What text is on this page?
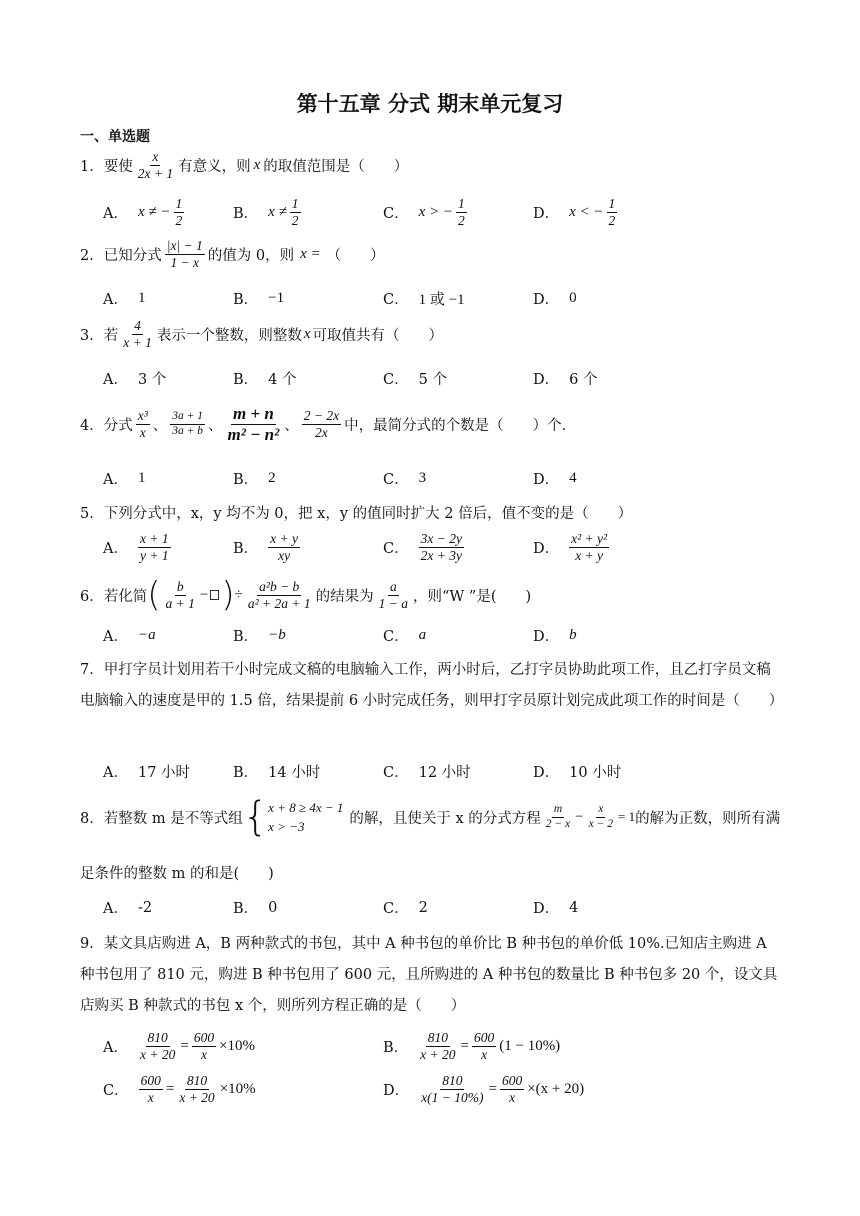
第十五章 分式 期末单元复习
一、单选题
1．要使 $\frac{x}{2x + 1}$ 有意义，则 x 的取值范围是（　　）
A． x ≠ − $\frac{1}{2}$	B． $x \ne \frac{1}{2}$	C． x > − $\frac{1}{2}$	D． x < − $\frac{1}{2}$
2．已知分式 $\frac{|x| - 1}{1 - x}$ 的值为 0，则 x = （　　）
A． 1	B． −1	C． 1 或 −1	D． 0
3．若 $\frac{4}{x + 1}$ 表示一个整数，则整数 x 可取值共有（　　）
A． 3 个	B． 4 个	C． 5 个	D． 6 个
4．分式 $\frac{\text{x³}}{x}$ 、 $\frac{3a + 1}{3a + b}$ 、 $\frac{m + n}{\text{m² − n²}}$ 、 $\frac{2 - 2x}{2x}$ 中，最简分式的个数是（　　）个．
A． 1	B． 2	C． 3	D． 4
5．下列分式中，x，y 均不为 0，把 x，y 的值同时扩大 2 倍后，值不变的是（　　）
A． $\frac{x + 1}{y + 1}$	B． $\frac{x + y}{xy}$	C． $\frac{3x - 2y}{2x + 3y}$	D． $\frac{\text{x² + y²}}{x + y}$
6．若化简 ( $\frac{b}{a + 1}$ − ) ÷ $\frac{\text{a²b − b}}{\text{a² + 2a + 1}}$ 的结果为 $\frac{a}{1 - a}$ ，则“W ”是(　　)
A． −a	B． −b	C． a	D． b
7．甲打字员计划用若干小时完成文稿的电脑输入工作，两小时后，乙打字员协助此项工作，且乙打字员文稿电脑输入的速度是甲的 1.5 倍，结果提前 6 小时完成任务，则甲打字员原计划完成此项工作的时间是（　　）
A． 17 小时	B． 14 小时	C． 12 小时	D． 10 小时
8．若整数 m 是不等式组 { x + 8 ≥ 4x − 1
x > −3	的解，且使关于 x 的分式方程 $\frac{m}{2 - x} - \frac{x}{x - 2} = 1$ 的解为正数，则所有满
足条件的整数 m 的和是(　　)
A． -2	B． 0	C． 2	D． 4
9．某文具店购进 A，B 两种款式的书包，其中 A 种书包的单价比 B 种书包的单价低 10%.已知店主购进 A 种书包用了 810 元，购进 B 种书包用了 600 元，且所购进的 A 种书包的数量比 B 种书包多 20 个，设文具店购买 B 种款式的书包 x 个，则所列方程正确的是（　　）
A． $\frac{810}{x + 20} = \frac{600}{x} \times 10\%$	B． $\frac{810}{x + 20} = \frac{600}{x} (1 - 10\%)$
C． $\frac{600}{x} = \frac{810}{x + 20} \times 10\%$	D． $\frac{810}{x(1 - 10\%)} = \frac{600}{x} \times(x + 20)$
